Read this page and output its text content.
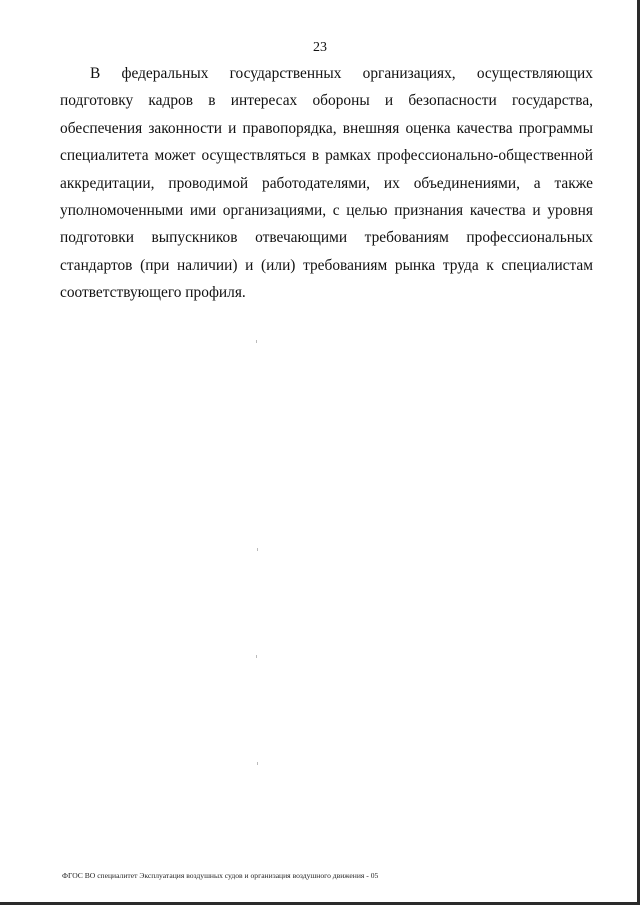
23

В федеральных государственных организациях, осуществляющих подготовку кадров в интересах обороны и безопасности государства, обеспечения законности и правопорядка, внешняя оценка качества программы специалитета может осуществляться в рамках профессионально-общественной аккредитации, проводимой работодателями, их объединениями, а также уполномоченными ими организациями, с целью признания качества и уровня подготовки выпускников отвечающими требованиям профессиональных стандартов (при наличии) и (или) требованиям рынка труда к специалистам соответствующего профиля.

ФГОС ВО специалитет Эксплуатация воздушных судов и организация воздушного движения - 05
